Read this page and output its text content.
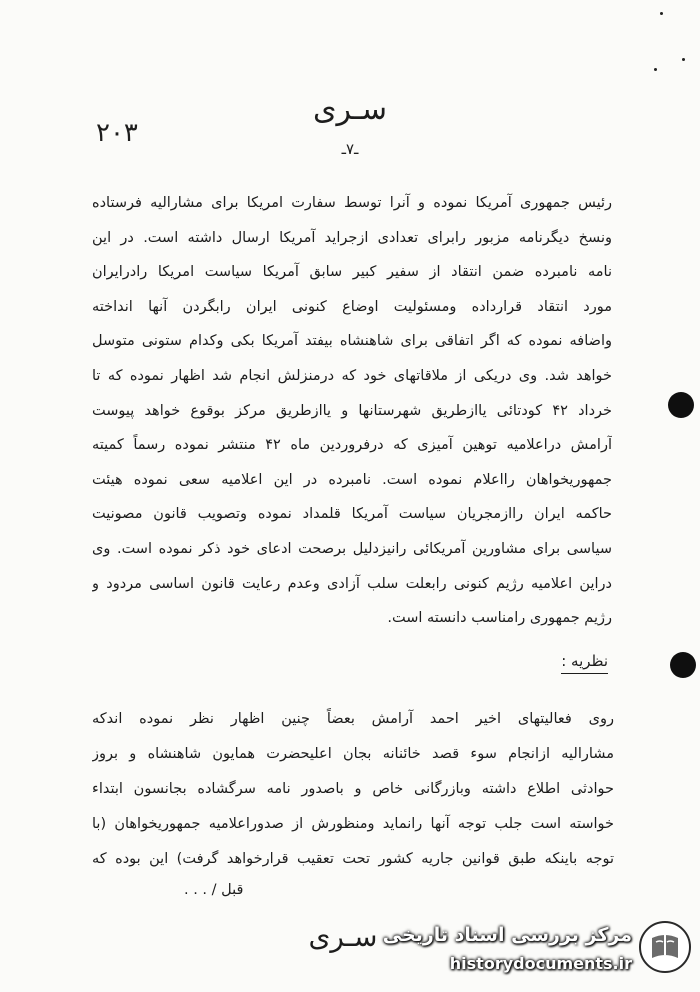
سـرى
۲۰۳
ـ۷ـ
رئیس جمهوری آمریکا نموده و آنرا توسط سفارت امریکا برای مشارالیه فرستاده
ونسخ دیگرنامه مزبور رابرای تعدادی ازجراید آمریکا ارسال داشته است. در این
نامه نامبرده ضمن انتقاد از سفیر کبیر سابق آمریکا سیاست امریکا رادرایران
مورد انتقاد قرارداده ومسئولیت اوضاع کنونی ایران رابگردن آنها انداخته
واضافه نموده که اگر اتفاقی برای شاهنشاه بیفتد آمریکا بکی وکدام ستونی متوسل
خواهد شد. وی دریکی از ملاقاتهای خود که درمنزلش انجام شد اظهار نموده که تا
خرداد ۴۲ کودتائی یاازطریق شهرستانها و یاازطریق مرکز بوقوع خواهد پیوست
آرامش دراعلامیه توهین آمیزی که درفروردین ماه ۴۲ منتشر نموده رسماً کمیته
جمهوریخواهان رااعلام نموده است. نامبرده در این اعلامیه سعی نموده هیئت
حاکمه ایران راازمجریان سیاست آمریکا قلمداد نموده وتصویب قانون مصونیت
سیاسی برای مشاورین آمریکائی رانیزدلیل برصحت ادعای خود ذکر نموده است. وی
دراین اعلامیه رژیم کنونی رابعلت سلب آزادی وعدم رعایت قانون اساسی مردود و
رژیم جمهوری رامناسب دانسته است.
نظریه :
روی فعالیتهای اخیر احمد آرامش بعضاً چنین اظهار نظر نموده اندکه
مشارالیه ازانجام سوء قصد خائنانه بجان اعلیحضرت همایون شاهنشاه و بروز
حوادثی اطلاع داشته وبازرگانی خاص و باصدور نامه سرگشاده بجانسون ابتداء
خواسته است جلب توجه آنها رانماید ومنظورش از صدوراعلامیه جمهوریخواهان (با
توجه باینکه طبق قوانین جاریه کشور تحت تعقیب قرارخواهد گرفت) این بوده که
قبل / . . .
سـرى مرکز بررسی اسناد تاریخی
historydocuments.ir
